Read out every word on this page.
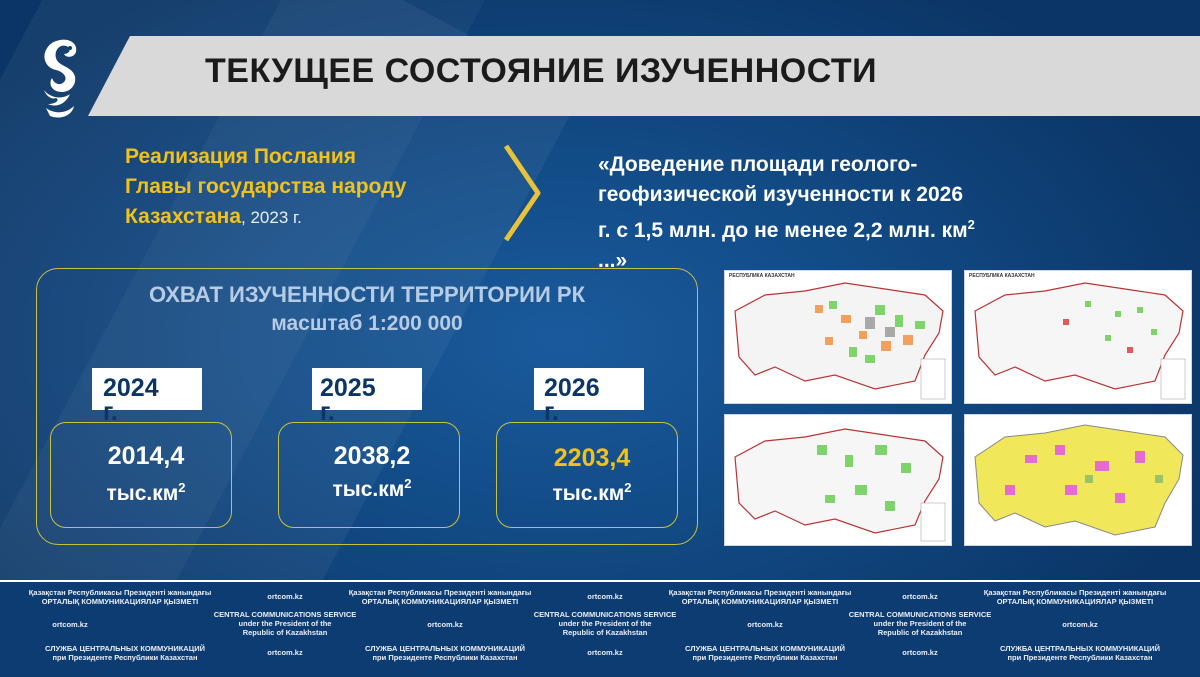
ТЕКУЩЕЕ СОСТОЯНИЕ ИЗУЧЕННОСТИ
Реализация Послания
Главы государства народу
Казахстана, 2023 г.
«Доведение площади геолого-
геофизической изученности к 2026
г. с 1,5 млн. до не менее 2,2 млн. $км^2$
...»
ОХВАТ ИЗУЧЕННОСТИ ТЕРРИТОРИИ РК
масштаб 1:200 000
2024 г.
2014,4
$тыс.км^2$
2025 г.
2038,2
$тыс.км^2$
2026 г.
2203,4
$тыс.км^2$
РЕСПУБЛИКА КАЗАХСТАН	РЕСПУБЛИКА КАЗАХСТАН
Қазақстан Республикасы Президенті жанындағы
ОРТАЛЫҚ КОММУНИКАЦИЯЛАР ҚЫЗМЕТІ
ortcom.kz	Қазақстан Республикасы Президенті жанындағы
ОРТАЛЫҚ КОММУНИКАЦИЯЛАР ҚЫЗМЕТІ
ortcom.kz	Қазақстан Республикасы Президенті жанындағы
ОРТАЛЫҚ КОММУНИКАЦИЯЛАР ҚЫЗМЕТІ
ortcom.kz	Қазақстан Республикасы Президенті жанындағы
ОРТАЛЫҚ КОММУНИКАЦИЯЛАР ҚЫЗМЕТІ
ortcom.kz
CENTRAL COMMUNICATIONS SERVICE
under the President of the
Republic of Kazakhstan
ortcom.kz
CENTRAL COMMUNICATIONS SERVICE
under the President of the
Republic of Kazakhstan
ortcom.kz
CENTRAL COMMUNICATIONS SERVICE
under the President of the
Republic of Kazakhstan
ortcom.kz
СЛУЖБА ЦЕНТРАЛЬНЫХ КОММУНИКАЦИЙ
при Президенте Республики Казахстан
ortcom.kz	СЛУЖБА ЦЕНТРАЛЬНЫХ КОММУНИКАЦИЙ
при Президенте Республики Казахстан
ortcom.kz	СЛУЖБА ЦЕНТРАЛЬНЫХ КОММУНИКАЦИЙ
при Президенте Республики Казахстан
ortcom.kz	СЛУЖБА ЦЕНТРАЛЬНЫХ КОММУНИКАЦИЙ
при Президенте Республики Казахстан
